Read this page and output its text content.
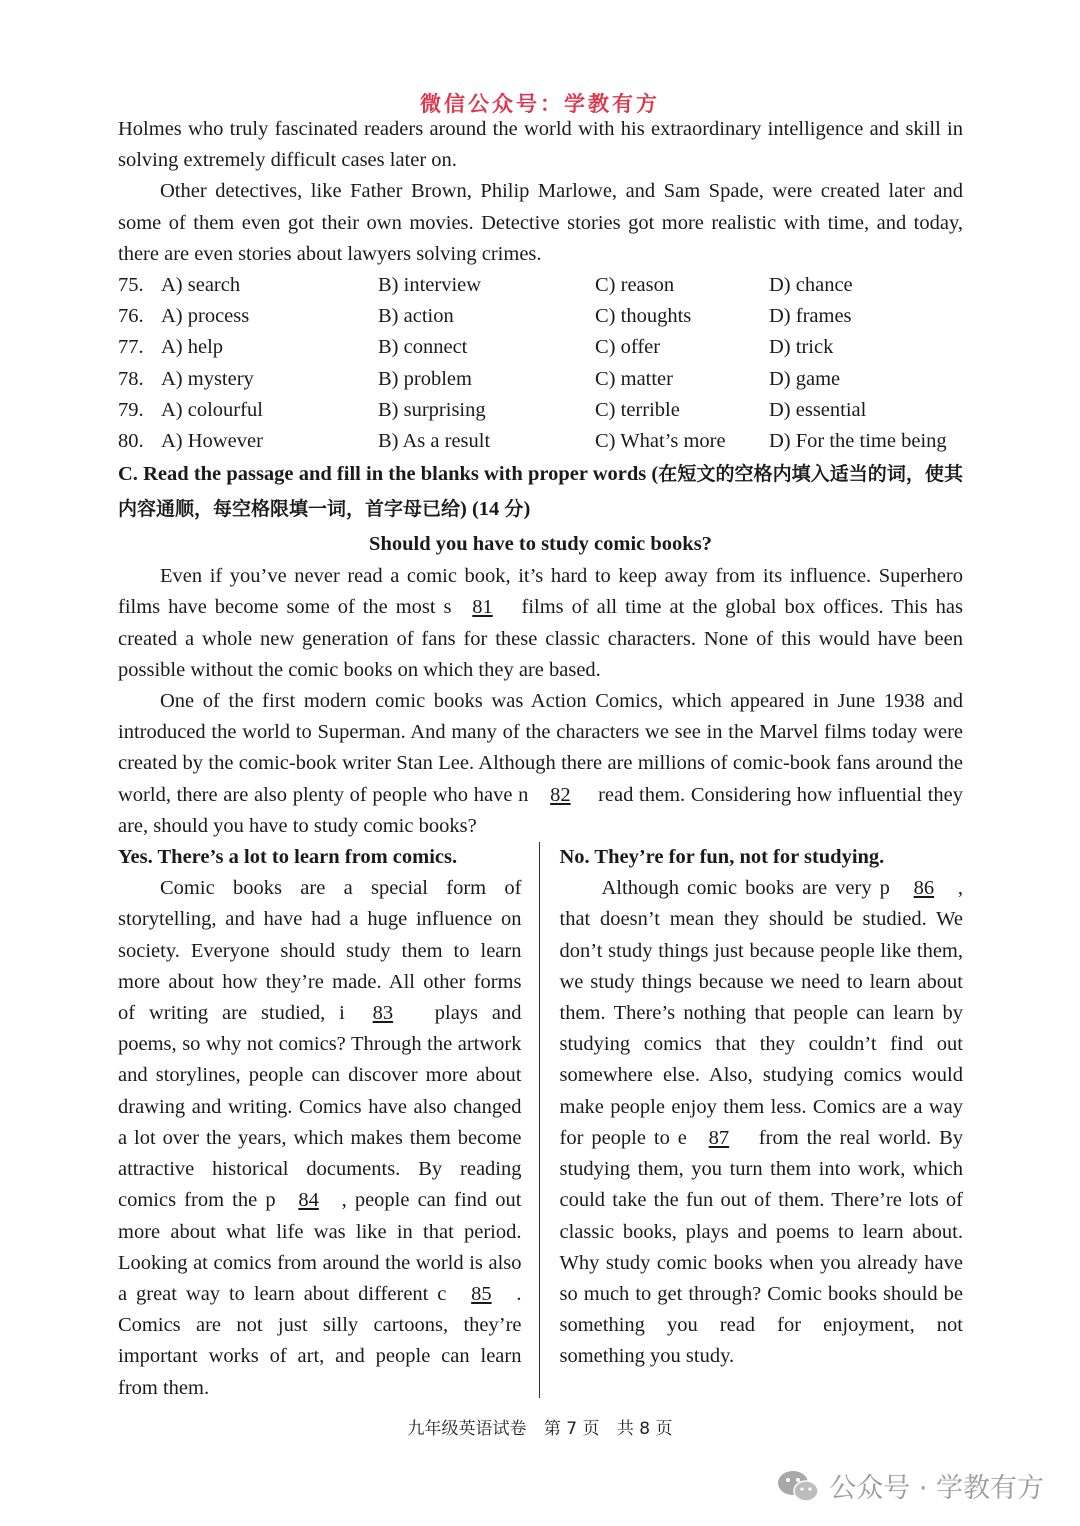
微信公众号：学教有方

Holmes who truly fascinated readers around the world with his extraordinary intelligence and skill in solving extremely difficult cases later on.

Other detectives, like Father Brown, Philip Marlowe, and Sam Spade, were created later and some of them even got their own movies. Detective stories got more realistic with time, and today, there are even stories about lawyers solving crimes.

75. A) search	B) interview	C) reason	D) chance
76. A) process	B) action	C) thoughts	D) frames
77. A) help	B) connect	C) offer	D) trick
78. A) mystery	B) problem	C) matter	D) game
79. A) colourful	B) surprising	C) terrible	D) essential
80. A) However	B) As a result	C) What’s more	D) For the time being

C. Read the passage and fill in the blanks with proper words (在短文的空格内填入适当的词，使其内容通顺，每空格限填一词，首字母已给) (14 分)

Should you have to study comic books?

Even if you’ve never read a comic book, it’s hard to keep away from its influence. Superhero films have become some of the most s 81 films of all time at the global box offices. This has created a whole new generation of fans for these classic characters. None of this would have been possible without the comic books on which they are based.

One of the first modern comic books was Action Comics, which appeared in June 1938 and introduced the world to Superman. And many of the characters we see in the Marvel films today were created by the comic-book writer Stan Lee. Although there are millions of comic-book fans around the world, there are also plenty of people who have n 82 read them. Considering how influential they are, should you have to study comic books?

Yes. There’s a lot to learn from comics.

Comic books are a special form of storytelling, and have had a huge influence on society. Everyone should study them to learn more about how they’re made. All other forms of writing are studied, i 83 plays and poems, so why not comics? Through the artwork and storylines, people can discover more about drawing and writing. Comics have also changed a lot over the years, which makes them become attractive historical documents. By reading comics from the p 84 , people can find out more about what life was like in that period. Looking at comics from around the world is also a great way to learn about different c 85 . Comics are not just silly cartoons, they’re important works of art, and people can learn from them.

No. They’re for fun, not for studying.

Although comic books are very p 86 , that doesn’t mean they should be studied. We don’t study things just because people like them, we study things because we need to learn about them. There’s nothing that people can learn by studying comics that they couldn’t find out somewhere else. Also, studying comics would make people enjoy them less. Comics are a way for people to e 87 from the real world. By studying them, you turn them into work, which could take the fun out of them. There’re lots of classic books, plays and poems to learn about. Why study comic books when you already have so much to get through? Comic books should be something you read for enjoyment, not something you study.

九年级英语试卷 第 7 页 共 8 页
公众号 · 学教有方
